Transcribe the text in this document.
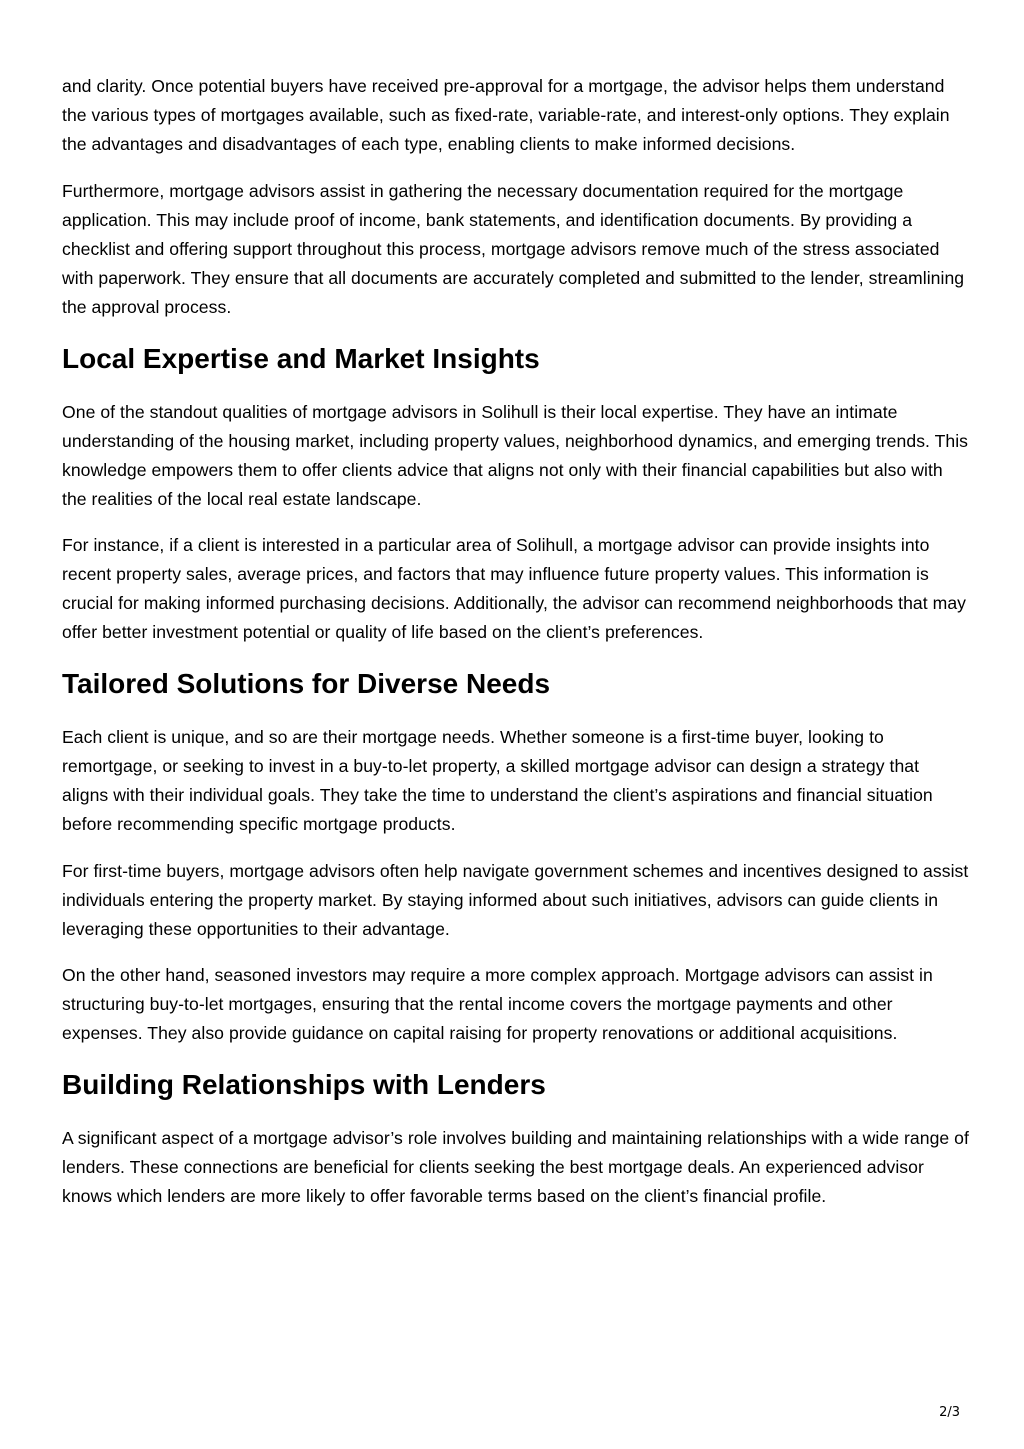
and clarity. Once potential buyers have received pre-approval for a mortgage, the advisor helps them understand the various types of mortgages available, such as fixed-rate, variable-rate, and interest-only options. They explain the advantages and disadvantages of each type, enabling clients to make informed decisions.

Furthermore, mortgage advisors assist in gathering the necessary documentation required for the mortgage application. This may include proof of income, bank statements, and identification documents. By providing a checklist and offering support throughout this process, mortgage advisors remove much of the stress associated with paperwork. They ensure that all documents are accurately completed and submitted to the lender, streamlining the approval process.

Local Expertise and Market Insights

One of the standout qualities of mortgage advisors in Solihull is their local expertise. They have an intimate understanding of the housing market, including property values, neighborhood dynamics, and emerging trends. This knowledge empowers them to offer clients advice that aligns not only with their financial capabilities but also with the realities of the local real estate landscape.

For instance, if a client is interested in a particular area of Solihull, a mortgage advisor can provide insights into recent property sales, average prices, and factors that may influence future property values. This information is crucial for making informed purchasing decisions. Additionally, the advisor can recommend neighborhoods that may offer better investment potential or quality of life based on the client’s preferences.

Tailored Solutions for Diverse Needs

Each client is unique, and so are their mortgage needs. Whether someone is a first-time buyer, looking to remortgage, or seeking to invest in a buy-to-let property, a skilled mortgage advisor can design a strategy that aligns with their individual goals. They take the time to understand the client’s aspirations and financial situation before recommending specific mortgage products.

For first-time buyers, mortgage advisors often help navigate government schemes and incentives designed to assist individuals entering the property market. By staying informed about such initiatives, advisors can guide clients in leveraging these opportunities to their advantage.

On the other hand, seasoned investors may require a more complex approach. Mortgage advisors can assist in structuring buy-to-let mortgages, ensuring that the rental income covers the mortgage payments and other expenses. They also provide guidance on capital raising for property renovations or additional acquisitions.

Building Relationships with Lenders

A significant aspect of a mortgage advisor’s role involves building and maintaining relationships with a wide range of lenders. These connections are beneficial for clients seeking the best mortgage deals. An experienced advisor knows which lenders are more likely to offer favorable terms based on the client’s financial profile.

2/3
